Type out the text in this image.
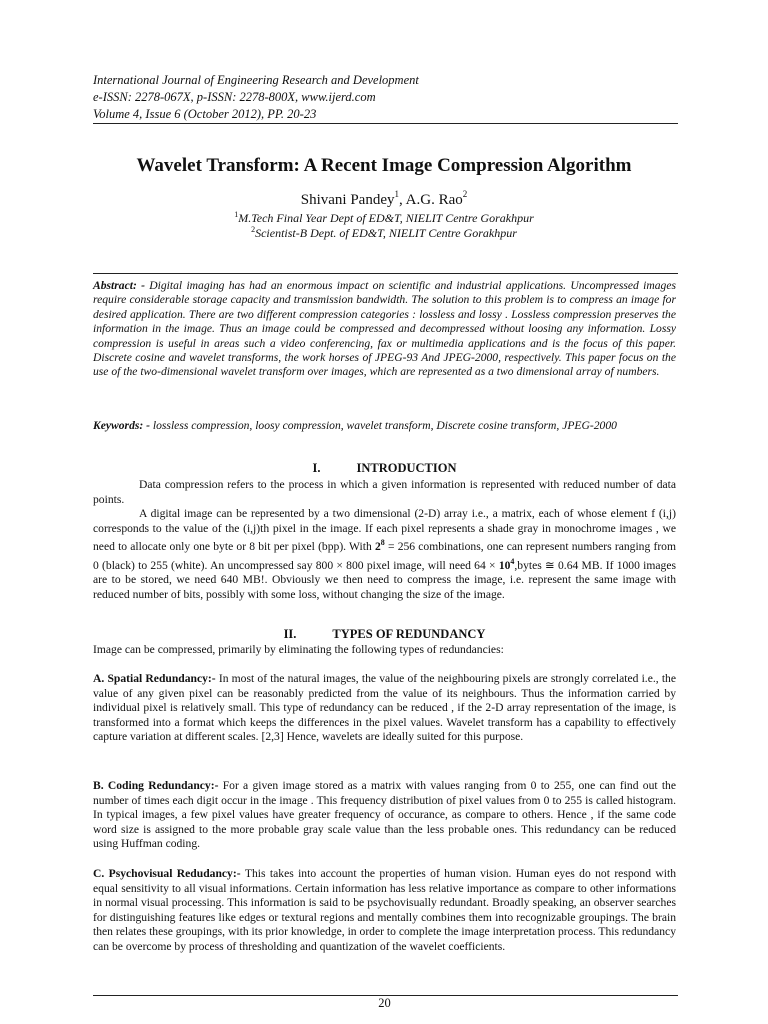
International Journal of Engineering Research and Development
e-ISSN: 2278-067X, p-ISSN: 2278-800X, www.ijerd.com
Volume 4, Issue 6 (October 2012), PP. 20-23
Wavelet Transform: A Recent Image Compression Algorithm
Shivani Pandey$^1$, A.G. Rao$^2$
$^1$M.Tech Final Year Dept of ED&T, NIELIT Centre Gorakhpur
$^2$Scientist-B Dept. of ED&T, NIELIT Centre Gorakhpur
Abstract: - Digital imaging has had an enormous impact on scientific and industrial applications. Uncompressed images require considerable storage capacity and transmission bandwidth. The solution to this problem is to compress an image for desired application. There are two different compression categories : lossless and lossy . Lossless compression preserves the information in the image. Thus an image could be compressed and decompressed without loosing any information. Lossy compression is useful in areas such a video conferencing, fax or multimedia applications and is the focus of this paper. Discrete cosine and wavelet transforms, the work horses of JPEG-93 And JPEG-2000, respectively. This paper focus on the use of the two-dimensional wavelet transform over images, which are represented as a two dimensional array of numbers.
Keywords: - lossless compression, loosy compression, wavelet transform, Discrete cosine transform, JPEG-2000
I.	INTRODUCTION

Data compression refers to the process in which a given information is represented with reduced number of data points.

A digital image can be represented by a two dimensional (2-D) array i.e., a matrix, each of whose element f (i,j) corresponds to the value of the (i,j)th pixel in the image. If each pixel represents a shade gray in monochrome images , we need to allocate only one byte or 8 bit per pixel (bpp). With $2^8 = 256$ combinations, one can represent numbers ranging from 0 (black) to 255 (white). An uncompressed say 800 × 800 pixel image, will need $64 \times 10^4,bytes$ ≅ 0.64 MB. If 1000 images are to be stored, we need 640 MB!. Obviously we then need to compress the image, i.e. represent the same image with reduced number of bits, possibly with some loss, without changing the size of the image.

II.	TYPES OF REDUNDANCY
Image can be compressed, primarily by eliminating the following types of redundancies:
A. Spatial Redundancy:- In most of the natural images, the value of the neighbouring pixels are strongly correlated i.e., the value of any given pixel can be reasonably predicted from the value of its neighbours. Thus the information carried by individual pixel is relatively small. This type of redundancy can be reduced , if the 2-D array representation of the image, is transformed into a format which keeps the differences in the pixel values. Wavelet transform has a capability to effectively capture variation at different scales. [2,3] Hence, wavelets are ideally suited for this purpose.
B. Coding Redundancy:- For a given image stored as a matrix with values ranging from 0 to 255, one can find out the number of times each digit occur in the image . This frequency distribution of pixel values from 0 to 255 is called histogram. In typical images, a few pixel values have greater frequency of occurance, as compare to others. Hence , if the same code word size is assigned to the more probable gray scale value than the less probable ones. This redundancy can be reduced using Huffman coding.
C. Psychovisual Redudancy:- This takes into account the properties of human vision. Human eyes do not respond with equal sensitivity to all visual informations. Certain information has less relative importance as compare to other informations in normal visual processing. This information is said to be psychovisually redundant. Broadly speaking, an observer searches for distinguishing features like edges or textural regions and mentally combines them into recognizable groupings. The brain then relates these groupings, with its prior knowledge, in order to complete the image interpretation process. This redundancy can be overcome by process of thresholding and quantization of the wavelet coefficients.
20
